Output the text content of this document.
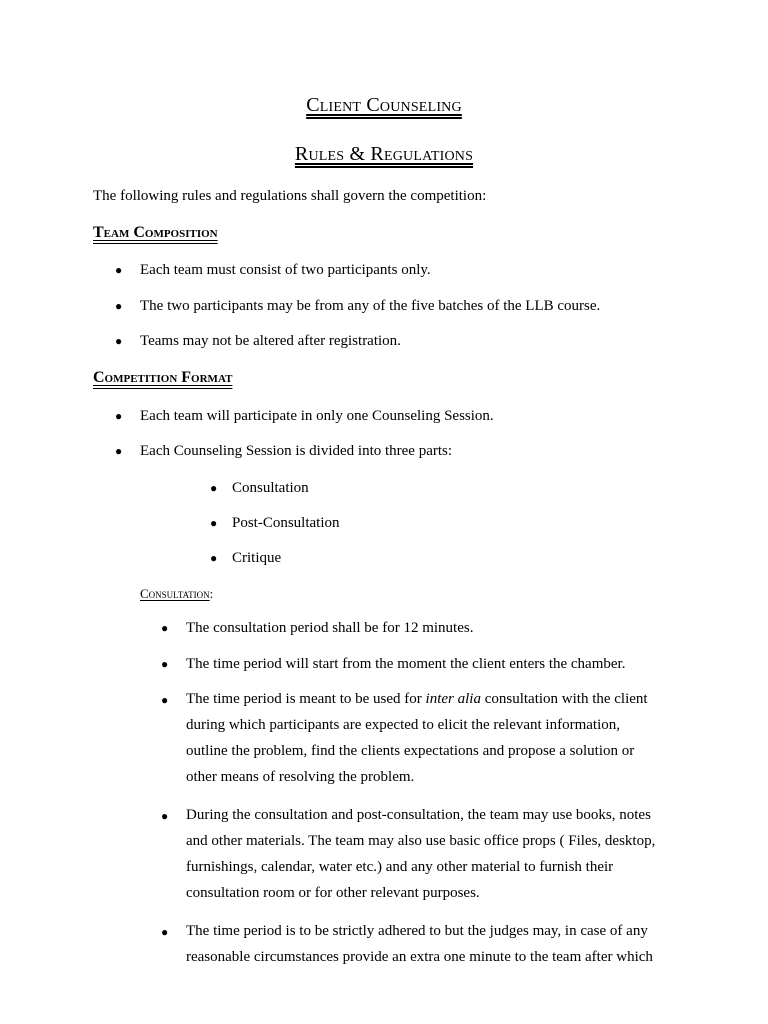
Client Counseling
Rules & Regulations
The following rules and regulations shall govern the competition:
Team Composition
● Each team must consist of two participants only.
● The two participants may be from any of the five batches of the LLB course.
● Teams may not be altered after registration.
Competition Format
● Each team will participate in only one Counseling Session.
● Each Counseling Session is divided into three parts:
● Consultation
● Post-Consultation
● Critique
Consultation:
● The consultation period shall be for 12 minutes.
● The time period will start from the moment the client enters the chamber.
● The time period is meant to be used for inter alia consultation with the client
during which participants are expected to elicit the relevant information,
outline the problem, find the clients expectations and propose a solution or
other means of resolving the problem.
● During the consultation and post-consultation, the team may use books, notes
and other materials. The team may also use basic office props ( Files, desktop,
furnishings, calendar, water etc.) and any other material to furnish their
consultation room or for other relevant purposes.
● The time period is to be strictly adhered to but the judges may, in case of any
reasonable circumstances provide an extra one minute to the team after which
